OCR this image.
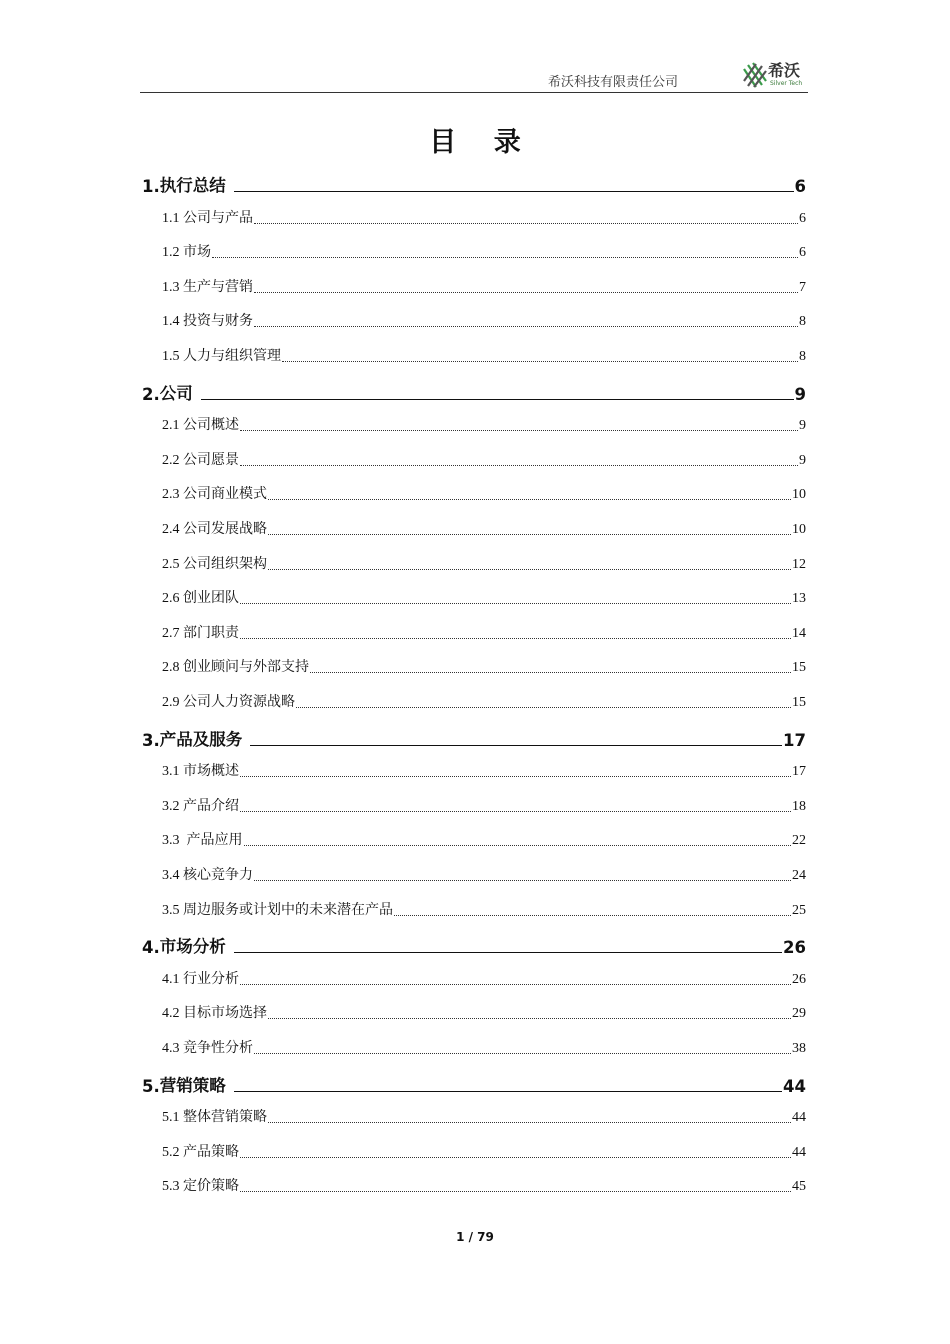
希沃科技有限责任公司
希沃
Silver Tech
目 录
1. 执行总结	6
1.1 公司与产品	6
1.2 市场	6
1.3 生产与营销	7
1.4 投资与财务	8
1.5 人力与组织管理	8
2. 公司	9
2.1 公司概述	9
2.2 公司愿景	9
2.3 公司商业模式	10
2.4 公司发展战略	10
2.5 公司组织架构	12
2.6 创业团队	13
2.7 部门职责	14
2.8 创业顾问与外部支持	15
2.9 公司人力资源战略	15
3. 产品及服务	17
3.1 市场概述	17
3.2 产品介绍	18
3.3 产品应用	22
3.4 核心竞争力	24
3.5 周边服务或计划中的未来潜在产品	25
4. 市场分析	26
4.1 行业分析	26
4.2 目标市场选择	29
4.3 竞争性分析	38
5. 营销策略	44
5.1 整体营销策略	44
5.2 产品策略	44
5.3 定价策略	45
1 / 79
